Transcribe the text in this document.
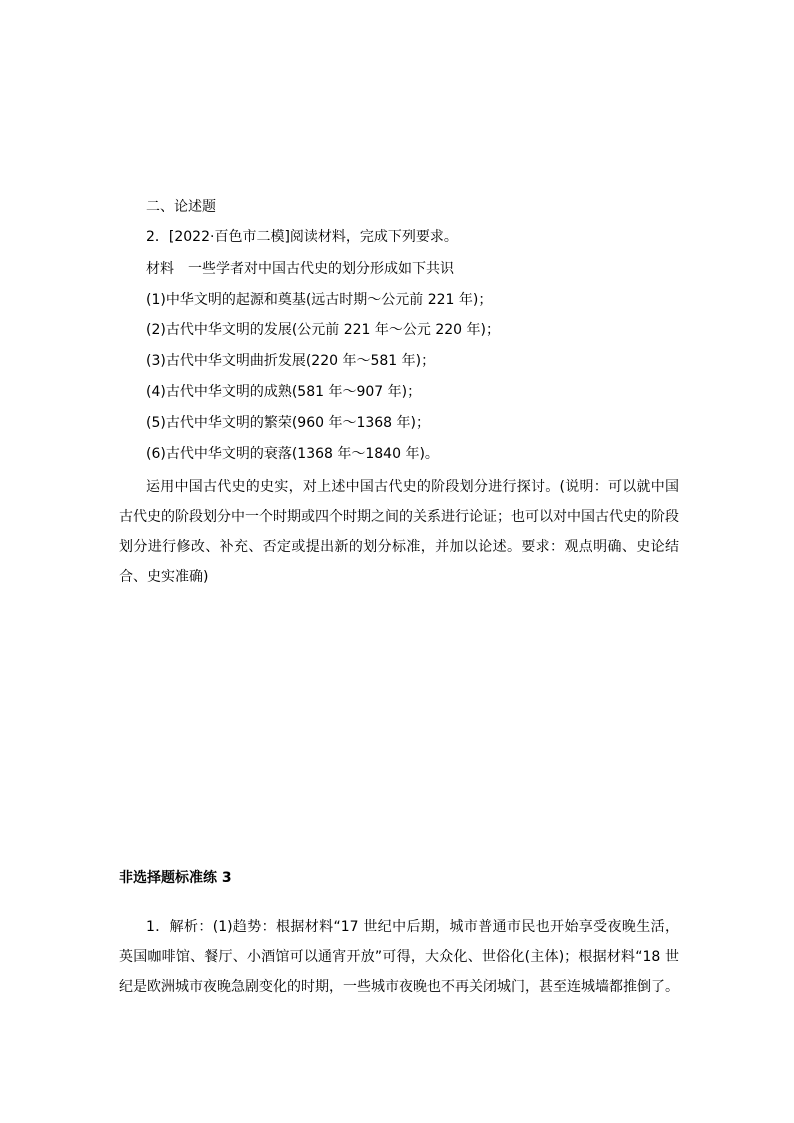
二、论述题
2．[2022·百色市二模]阅读材料，完成下列要求。
材料　一些学者对中国古代史的划分形成如下共识
(1)中华文明的起源和奠基(远古时期～公元前 221 年)；
(2)古代中华文明的发展(公元前 221 年～公元 220 年)；
(3)古代中华文明曲折发展(220 年～581 年)；
(4)古代中华文明的成熟(581 年～907 年)；
(5)古代中华文明的繁荣(960 年～1368 年)；
(6)古代中华文明的衰落(1368 年～1840 年)。
运用中国古代史的史实，对上述中国古代史的阶段划分进行探讨。(说明：可以就中国古代史的阶段划分中一个时期或四个时期之间的关系进行论证；也可以对中国古代史的阶段划分进行修改、补充、否定或提出新的划分标准，并加以论述。要求：观点明确、史论结合、史实准确)
非选择题标准练 3
1．解析：(1)趋势：根据材料“17 世纪中后期，城市普通市民也开始享受夜晚生活，英国咖啡馆、餐厅、小酒馆可以通宵开放”可得，大众化、世俗化(主体)；根据材料“18 世纪是欧洲城市夜晚急剧变化的时期，一些城市夜晚也不再关闭城门，甚至连城墙都推倒了。
